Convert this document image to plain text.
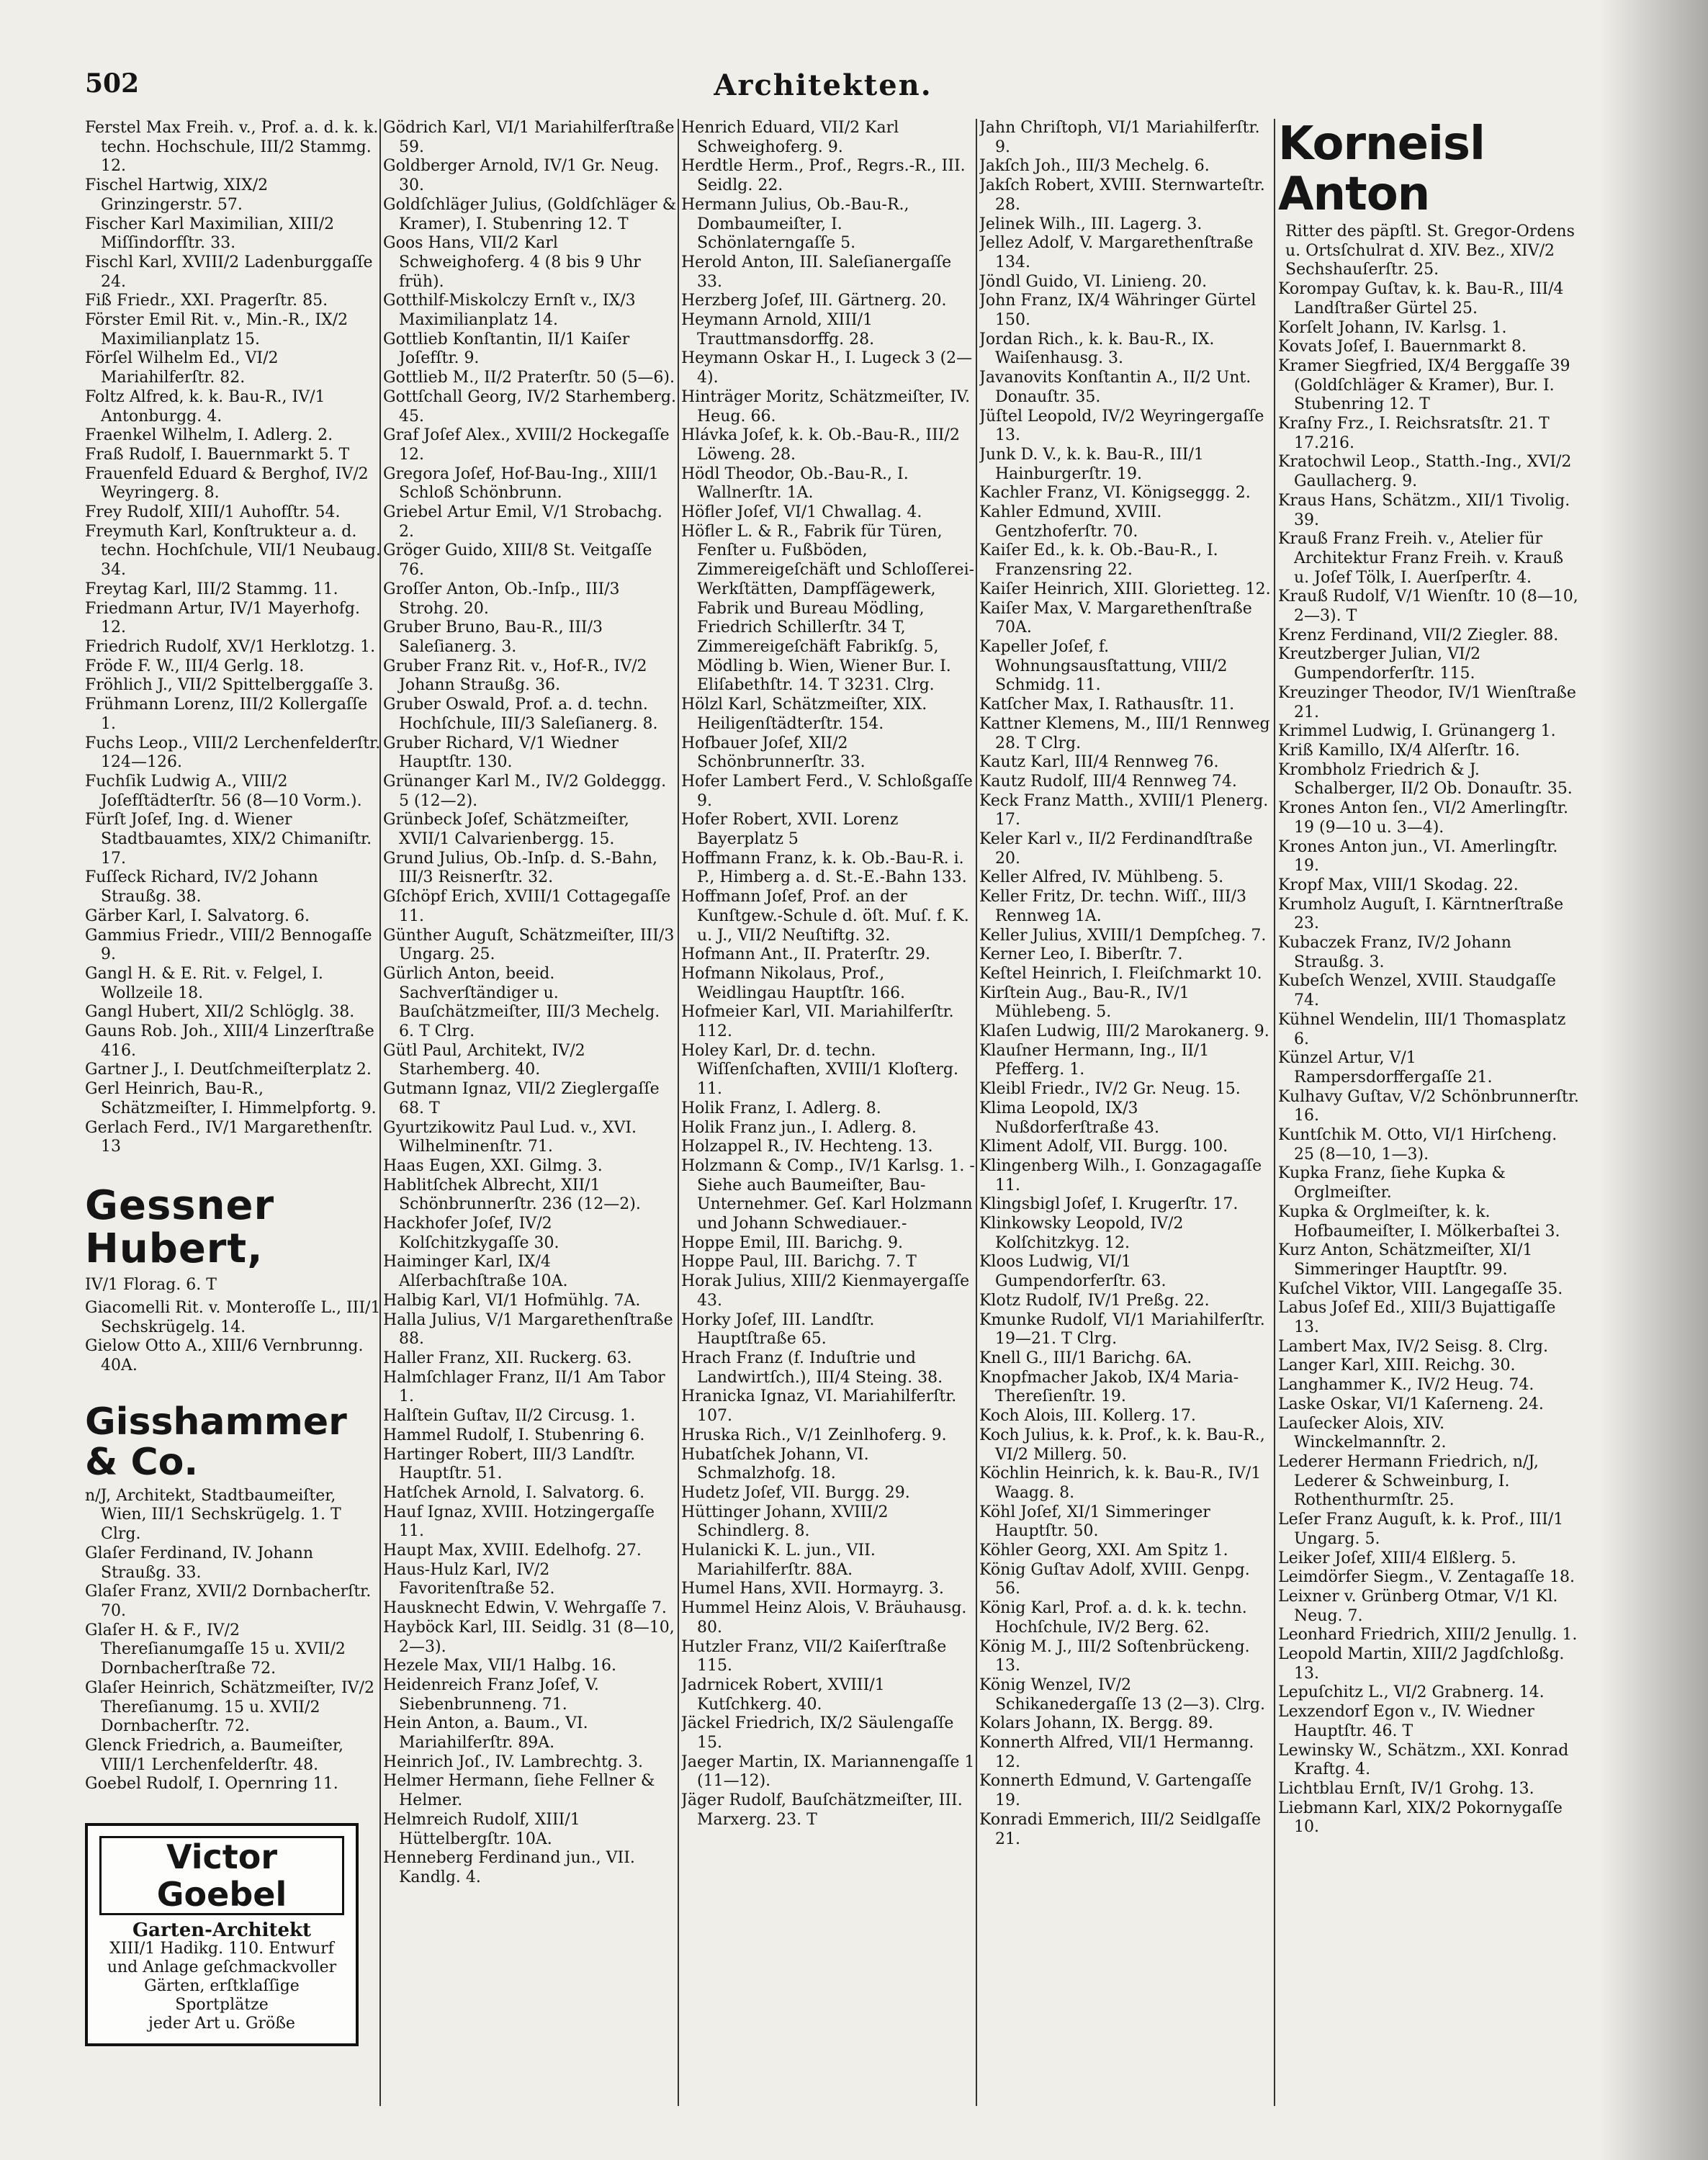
502	Architekten.

Ferstel Max Freih. v., Prof. a. d. k. k. techn. Hochschule, III/2 Stammg. 12.

Fischel Hartwig, XIX/2 Grinzingerstr. 57.

Fischer Karl Maximilian, XIII/2 Miſſindorfſtr. 33.

Fischl Karl, XVIII/2 Ladenburggaſſe 24.

Fiß Friedr., XXI. Pragerſtr. 85.

Förster Emil Rit. v., Min.-R., IX/2 Maximilianplatz 15.

Förſel Wilhelm Ed., VI/2 Mariahilferſtr. 82.

Foltz Alfred, k. k. Bau-R., IV/1 Antonburgg. 4.

Fraenkel Wilhelm, I. Adlerg. 2.

Fraß Rudolf, I. Bauernmarkt 5. T

Frauenfeld Eduard & Berghof, IV/2 Weyringerg. 8.

Frey Rudolf, XIII/1 Auhofſtr. 54.

Freymuth Karl, Konſtrukteur a. d. techn. Hochſchule, VII/1 Neubaug. 34.

Freytag Karl, III/2 Stammg. 11.

Friedmann Artur, IV/1 Mayerhofg. 12.

Friedrich Rudolf, XV/1 Herklotzg. 1.

Fröde F. W., III/4 Gerlg. 18.

Fröhlich J., VII/2 Spittelberggaſſe 3.

Frühmann Lorenz, III/2 Kollergaſſe 1.

Fuchs Leop., VIII/2 Lerchenfelderſtr. 124—126.

Fuchſik Ludwig A., VIII/2 Joſefſtädterſtr. 56 (8—10 Vorm.).

Fürſt Joſef, Ing. d. Wiener Stadtbauamtes, XIX/2 Chimaniſtr. 17.

Fuſſeck Richard, IV/2 Johann Straußg. 38.

Gärber Karl, I. Salvatorg. 6.

Gammius Friedr., VIII/2 Bennogaſſe 9.

Gangl H. & E. Rit. v. Felgel, I. Wollzeile 18.

Gangl Hubert, XII/2 Schlöglg. 38.

Gauns Rob. Joh., XIII/4 Linzerſtraße 416.

Gartner J., I. Deutſchmeiſterplatz 2.

Gerl Heinrich, Bau-R., Schätzmeiſter, I. Himmelpfortg. 9.

Gerlach Ferd., IV/1 Margarethenſtr. 13

Gessner Hubert,

IV/1 Florag. 6. T

Giacomelli Rit. v. Monteroſſe L., III/1 Sechskrügelg. 14.

Gielow Otto A., XIII/6 Vernbrunng. 40A.

Gisshammer & Co.

n/J, Architekt, Stadtbaumeiſter, Wien, III/1 Sechskrügelg. 1. T Clrg.

Glaſer Ferdinand, IV. Johann Straußg. 33.

Glaſer Franz, XVII/2 Dornbacherſtr. 70.

Glaſer H. & F., IV/2 Thereſianumgaſſe 15 u. XVII/2 Dornbacherſtraße 72.

Glaſer Heinrich, Schätzmeiſter, IV/2 Thereſianumg. 15 u. XVII/2 Dornbacherſtr. 72.

Glenck Friedrich, a. Baumeiſter, VIII/1 Lerchenfelderſtr. 48.

Goebel Rudolf, I. Opernring 11.

Victor Goebel

Garten-Architekt

XIII/1 Hadikg. 110. Entwurf und Anlage geſchmackvoller

Gärten, erſtklaſſige Sportplätze

jeder Art u. Größe

Gödrich Karl, VI/1 Mariahilferſtraße 59.

Goldberger Arnold, IV/1 Gr. Neug. 30.

Goldſchläger Julius, (Goldſchläger & Kramer), I. Stubenring 12. T

Goos Hans, VII/2 Karl Schweighoferg. 4 (8 bis 9 Uhr früh).

Gotthilf-Miskolczy Ernſt v., IX/3 Maximilianplatz 14.

Gottlieb Konſtantin, II/1 Kaiſer Joſefſtr. 9.

Gottlieb M., II/2 Praterſtr. 50 (5—6).

Gottſchall Georg, IV/2 Starhemberg. 45.

Graf Joſef Alex., XVIII/2 Hockegaſſe 12.

Gregora Joſef, Hof-Bau-Ing., XIII/1 Schloß Schönbrunn.

Griebel Artur Emil, V/1 Strobachg. 2.

Gröger Guido, XIII/8 St. Veitgaſſe 76.

Groſſer Anton, Ob.-Inſp., III/3 Strohg. 20.

Gruber Bruno, Bau-R., III/3 Saleſianerg. 3.

Gruber Franz Rit. v., Hof-R., IV/2 Johann Straußg. 36.

Gruber Oswald, Prof. a. d. techn. Hochſchule, III/3 Saleſianerg. 8.

Gruber Richard, V/1 Wiedner Hauptſtr. 130.

Grünanger Karl M., IV/2 Goldeggg. 5 (12—2).

Grünbeck Joſef, Schätzmeiſter, XVII/1 Calvarienbergg. 15.

Grund Julius, Ob.-Inſp. d. S.-Bahn, III/3 Reisnerſtr. 32.

Gſchöpf Erich, XVIII/1 Cottagegaſſe 11.

Günther Auguſt, Schätzmeiſter, III/3 Ungarg. 25.

Gürlich Anton, beeid. Sachverſtändiger u. Bauſchätzmeiſter, III/3 Mechelg. 6. T Clrg.

Gütl Paul, Architekt, IV/2 Starhemberg. 40.

Gutmann Ignaz, VII/2 Zieglergaſſe 68. T

Gyurtzikowitz Paul Lud. v., XVI. Wilhelminenſtr. 71.

Haas Eugen, XXI. Gilmg. 3.

Hablitſchek Albrecht, XII/1 Schönbrunnerſtr. 236 (12—2).

Hackhofer Joſef, IV/2 Kolſchitzkygaſſe 30.

Haiminger Karl, IX/4 Alſerbachſtraße 10A.

Halbig Karl, VI/1 Hofmühlg. 7A.

Halla Julius, V/1 Margarethenſtraße 88.

Haller Franz, XII. Ruckerg. 63.

Halmſchlager Franz, II/1 Am Tabor 1.

Halſtein Guſtav, II/2 Circusg. 1.

Hammel Rudolf, I. Stubenring 6.

Hartinger Robert, III/3 Landſtr. Hauptſtr. 51.

Hatſchek Arnold, I. Salvatorg. 6.

Hauf Ignaz, XVIII. Hotzingergaſſe 11.

Haupt Max, XVIII. Edelhofg. 27.

Haus-Hulz Karl, IV/2 Favoritenſtraße 52.

Hausknecht Edwin, V. Wehrgaſſe 7.

Hayböck Karl, III. Seidlg. 31 (8—10, 2—3).

Hezele Max, VII/1 Halbg. 16.

Heidenreich Franz Joſef, V. Siebenbrunneng. 71.

Hein Anton, a. Baum., VI. Mariahilferſtr. 89A.

Heinrich Joſ., IV. Lambrechtg. 3.

Helmer Hermann, ſiehe Fellner & Helmer.

Helmreich Rudolf, XIII/1 Hüttelbergſtr. 10A.

Henneberg Ferdinand jun., VII. Kandlg. 4.

Henrich Eduard, VII/2 Karl Schweighoferg. 9.

Herdtle Herm., Prof., Regrs.-R., III. Seidlg. 22.

Hermann Julius, Ob.-Bau-R., Dombaumeiſter, I. Schönlaterngaſſe 5.

Herold Anton, III. Saleſianergaſſe 33.

Herzberg Joſef, III. Gärtnerg. 20.

Heymann Arnold, XIII/1 Trauttmansdorffg. 28.

Heymann Oskar H., I. Lugeck 3 (2—4).

Hinträger Moritz, Schätzmeiſter, IV. Heug. 66.

Hlávka Joſef, k. k. Ob.-Bau-R., III/2 Löweng. 28.

Hödl Theodor, Ob.-Bau-R., I. Wallnerſtr. 1A.

Höfler Joſef, VI/1 Chwallag. 4.

Höfler L. & R., Fabrik für Türen, Fenſter u. Fußböden, Zimmereigeſchäft und Schloſſerei-Werkſtätten, Dampfſägewerk, Fabrik und Bureau Mödling, Friedrich Schillerſtr. 34 T, Zimmereigeſchäft Fabrikſg. 5, Mödling b. Wien, Wiener Bur. I. Eliſabethſtr. 14. T 3231. Clrg.

Hölzl Karl, Schätzmeiſter, XIX. Heiligenſtädterſtr. 154.

Hofbauer Joſef, XII/2 Schönbrunnerſtr. 33.

Hofer Lambert Ferd., V. Schloßgaſſe 9.

Hofer Robert, XVII. Lorenz Bayerplatz 5

Hoffmann Franz, k. k. Ob.-Bau-R. i. P., Himberg a. d. St.-E.-Bahn 133.

Hoffmann Joſef, Prof. an der Kunſtgew.-Schule d. öſt. Muſ. f. K. u. J., VII/2 Neuſtiftg. 32.

Hofmann Ant., II. Praterſtr. 29.

Hofmann Nikolaus, Prof., Weidlingau Hauptſtr. 166.

Hofmeier Karl, VII. Mariahilferſtr. 112.

Holey Karl, Dr. d. techn. Wiſſenſchaften, XVIII/1 Kloſterg. 11.

Holik Franz, I. Adlerg. 8.

Holik Franz jun., I. Adlerg. 8.

Holzappel R., IV. Hechteng. 13.

Holzmann & Comp., IV/1 Karlsg. 1. -Siehe auch Baumeiſter, Bau-Unternehmer. Geſ. Karl Holzmann und Johann Schwediauer.-

Hoppe Emil, III. Barichg. 9.

Hoppe Paul, III. Barichg. 7. T

Horak Julius, XIII/2 Kienmayergaſſe 43.

Horky Joſef, III. Landſtr. Hauptſtraße 65.

Hrach Franz (f. Induſtrie und Landwirtſch.), III/4 Steing. 38.

Hranicka Ignaz, VI. Mariahilferſtr. 107.

Hruska Rich., V/1 Zeinlhoferg. 9.

Hubatſchek Johann, VI. Schmalzhofg. 18.

Hudetz Joſef, VII. Burgg. 29.

Hüttinger Johann, XVIII/2 Schindlerg. 8.

Hulanicki K. L. jun., VII. Mariahilferſtr. 88A.

Humel Hans, XVII. Hormayrg. 3.

Hummel Heinz Alois, V. Bräuhausg. 80.

Hutzler Franz, VII/2 Kaiſerſtraße 115.

Jadrnicek Robert, XVIII/1 Kutſchkerg. 40.

Jäckel Friedrich, IX/2 Säulengaſſe 15.

Jaeger Martin, IX. Mariannengaſſe 1 (11—12).

Jäger Rudolf, Bauſchätzmeiſter, III. Marxerg. 23. T

Jahn Chriſtoph, VI/1 Mariahilferſtr. 9.

Jakſch Joh., III/3 Mechelg. 6.

Jakſch Robert, XVIII. Sternwarteſtr. 28.

Jelinek Wilh., III. Lagerg. 3.

Jellez Adolf, V. Margarethenſtraße 134.

Jöndl Guido, VI. Linieng. 20.

John Franz, IX/4 Währinger Gürtel 150.

Jordan Rich., k. k. Bau-R., IX. Waiſenhausg. 3.

Javanovits Konſtantin A., II/2 Unt. Donauſtr. 35.

Jüſtel Leopold, IV/2 Weyringergaſſe 13.

Junk D. V., k. k. Bau-R., III/1 Hainburgerſtr. 19.

Kachler Franz, VI. Königseggg. 2.

Kahler Edmund, XVIII. Gentzhoferſtr. 70.

Kaiſer Ed., k. k. Ob.-Bau-R., I. Franzensring 22.

Kaiſer Heinrich, XIII. Glorietteg. 12.

Kaiſer Max, V. Margarethenſtraße 70A.

Kapeller Joſef, f. Wohnungsausſtattung, VIII/2 Schmidg. 11.

Katſcher Max, I. Rathausſtr. 11.

Kattner Klemens, M., III/1 Rennweg 28. T Clrg.

Kautz Karl, III/4 Rennweg 76.

Kautz Rudolf, III/4 Rennweg 74.

Keck Franz Matth., XVIII/1 Plenerg. 17.

Keler Karl v., II/2 Ferdinandſtraße 20.

Keller Alfred, IV. Mühlbeng. 5.

Keller Fritz, Dr. techn. Wiſſ., III/3 Rennweg 1A.

Keller Julius, XVIII/1 Dempſcheg. 7.

Kerner Leo, I. Biberſtr. 7.

Keſtel Heinrich, I. Fleiſchmarkt 10.

Kirſtein Aug., Bau-R., IV/1 Mühlebeng. 5.

Klaſen Ludwig, III/2 Marokanerg. 9.

Klauſner Hermann, Ing., II/1 Pfefferg. 1.

Kleibl Friedr., IV/2 Gr. Neug. 15.

Klima Leopold, IX/3 Nußdorferſtraße 43.

Kliment Adolf, VII. Burgg. 100.

Klingenberg Wilh., I. Gonzagagaſſe 11.

Klingsbigl Joſef, I. Krugerſtr. 17.

Klinkowsky Leopold, IV/2 Kolſchitzkyg. 12.

Kloos Ludwig, VI/1 Gumpendorferſtr. 63.

Klotz Rudolf, IV/1 Preßg. 22.

Kmunke Rudolf, VI/1 Mariahilferſtr. 19—21. T Clrg.

Knell G., III/1 Barichg. 6A.

Knopfmacher Jakob, IX/4 Maria-Thereſienſtr. 19.

Koch Alois, III. Kollerg. 17.

Koch Julius, k. k. Prof., k. k. Bau-R., VI/2 Millerg. 50.

Köchlin Heinrich, k. k. Bau-R., IV/1 Waagg. 8.

Köhl Joſef, XI/1 Simmeringer Hauptſtr. 50.

Köhler Georg, XXI. Am Spitz 1.

König Guſtav Adolf, XVIII. Genpg. 56.

König Karl, Prof. a. d. k. k. techn. Hochſchule, IV/2 Berg. 62.

König M. J., III/2 Soſtenbrückeng. 13.

König Wenzel, IV/2 Schikanedergaſſe 13 (2—3). Clrg.

Kolars Johann, IX. Bergg. 89.

Konnerth Alfred, VII/1 Hermanng. 12.

Konnerth Edmund, V. Gartengaſſe 19.

Konradi Emmerich, III/2 Seidlgaſſe 21.

Korneisl Anton

Ritter des päpſtl. St. Gregor-Ordens u. Ortsſchulrat d. XIV. Bez., XIV/2 Sechshauſerſtr. 25.

Korompay Guſtav, k. k. Bau-R., III/4 Landſtraßer Gürtel 25.

Korſelt Johann, IV. Karlsg. 1.

Kovats Joſef, I. Bauernmarkt 8.

Kramer Siegfried, IX/4 Berggaſſe 39 (Goldſchläger & Kramer), Bur. I. Stubenring 12. T

Kraſny Frz., I. Reichsratsſtr. 21. T 17.216.

Kratochwil Leop., Statth.-Ing., XVI/2 Gaullacherg. 9.

Kraus Hans, Schätzm., XII/1 Tivolig. 39.

Krauß Franz Freih. v., Atelier für Architektur Franz Freih. v. Krauß u. Joſef Tölk, I. Auerſperſtr. 4.

Krauß Rudolf, V/1 Wienſtr. 10 (8—10, 2—3). T

Krenz Ferdinand, VII/2 Ziegler. 88.

Kreutzberger Julian, VI/2 Gumpendorferſtr. 115.

Kreuzinger Theodor, IV/1 Wienſtraße 21.

Krimmel Ludwig, I. Grünangerg 1.

Kriß Kamillo, IX/4 Alſerſtr. 16.

Krombholz Friedrich & J. Schalberger, II/2 Ob. Donauſtr. 35.

Krones Anton ſen., VI/2 Amerlingſtr. 19 (9—10 u. 3—4).

Krones Anton jun., VI. Amerlingſtr. 19.

Kropf Max, VIII/1 Skodag. 22.

Krumholz Auguſt, I. Kärntnerſtraße 23.

Kubaczek Franz, IV/2 Johann Straußg. 3.

Kubeſch Wenzel, XVIII. Staudgaſſe 74.

Kühnel Wendelin, III/1 Thomasplatz 6.

Künzel Artur, V/1 Rampersdorffergaſſe 21.

Kulhavy Guſtav, V/2 Schönbrunnerſtr. 16.

Kuntſchik M. Otto, VI/1 Hirſcheng. 25 (8—10, 1—3).

Kupka Franz, ſiehe Kupka & Orglmeiſter.

Kupka & Orglmeiſter, k. k. Hofbaumeiſter, I. Mölkerbaſtei 3.

Kurz Anton, Schätzmeiſter, XI/1 Simmeringer Hauptſtr. 99.

Kuſchel Viktor, VIII. Langegaſſe 35.

Labus Joſef Ed., XIII/3 Bujattigaſſe 13.

Lambert Max, IV/2 Seisg. 8. Clrg.

Langer Karl, XIII. Reichg. 30.

Langhammer K., IV/2 Heug. 74.

Laske Oskar, VI/1 Kaſerneng. 24.

Lauſecker Alois, XIV. Winckelmannſtr. 2.

Lederer Hermann Friedrich, n/J, Lederer & Schweinburg, I. Rothenthurmſtr. 25.

Leſer Franz Auguſt, k. k. Prof., III/1 Ungarg. 5.

Leiker Joſef, XIII/4 Elßlerg. 5.

Leimdörfer Siegm., V. Zentagaſſe 18.

Leixner v. Grünberg Otmar, V/1 Kl. Neug. 7.

Leonhard Friedrich, XIII/2 Jenullg. 1.

Leopold Martin, XIII/2 Jagdſchloßg. 13.

Lepuſchitz L., VI/2 Grabnerg. 14.

Lexzendorf Egon v., IV. Wiedner Hauptſtr. 46. T

Lewinsky W., Schätzm., XXI. Konrad Kraftg. 4.

Lichtblau Ernſt, IV/1 Grohg. 13.

Liebmann Karl, XIX/2 Pokornygaſſe 10.
